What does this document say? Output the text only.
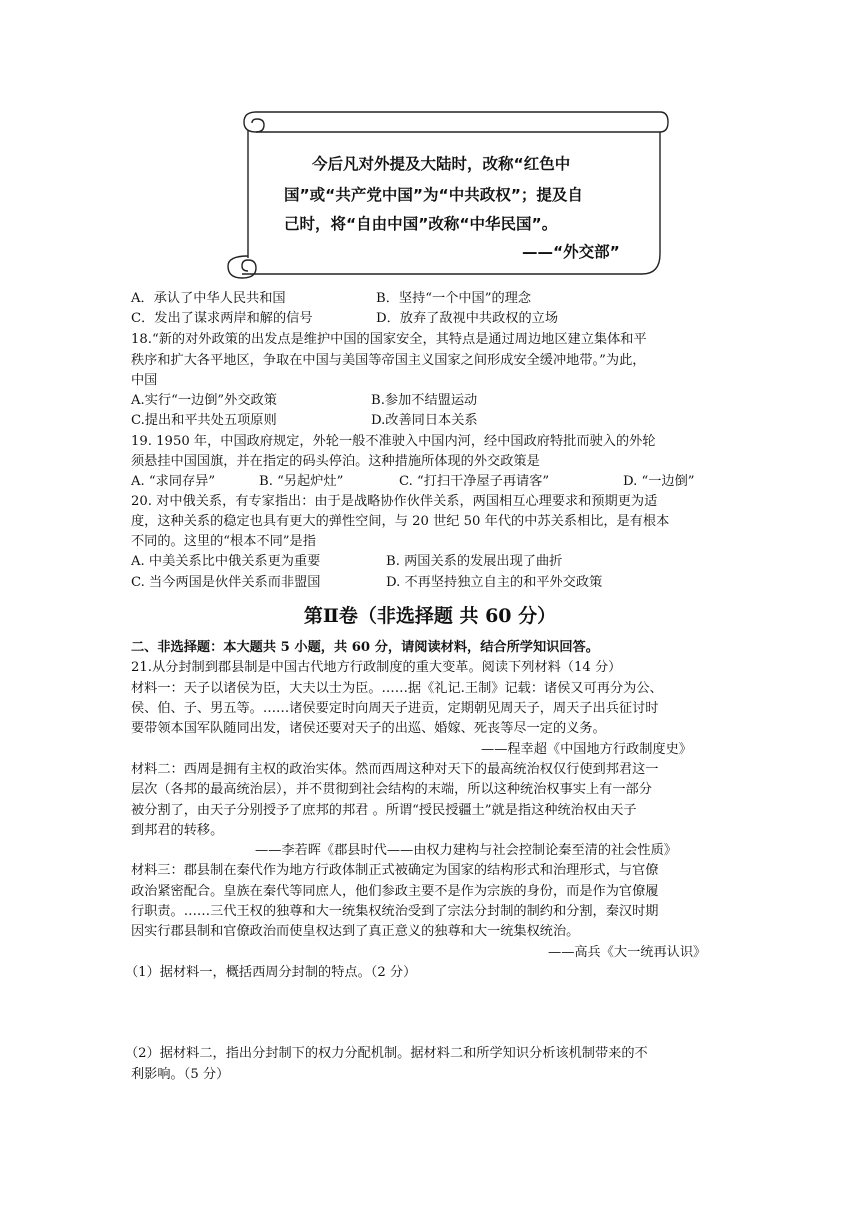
今后凡对外提及大陆时，改称“红色中
国”或“共产党中国”为“中共政权”；提及自
己时，将“自由中国”改称“中华民国”。
——“外交部”
A．承认了中华人民共和国	B．坚持“一个中国”的理念
C．发出了谋求两岸和解的信号	D．放弃了敌视中共政权的立场
18.“新的对外政策的出发点是维护中国的国家安全，其特点是通过周边地区建立集体和平
秩序和扩大各平地区，争取在中国与美国等帝国主义国家之间形成安全缓冲地带。”为此，
中国
A.实行“一边倒”外交政策	B.参加不结盟运动
C.提出和平共处五项原则	D.改善同日本关系
19. 1950 年，中国政府规定，外轮一般不准驶入中国内河，经中国政府特批而驶入的外轮
须悬挂中国国旗，并在指定的码头停泊。这种措施所体现的外交政策是
A. “求同存异”	B. “另起炉灶”	C. “打扫干净屋子再请客”	D. “一边倒”
20. 对中俄关系，有专家指出：由于是战略协作伙伴关系，两国相互心理要求和预期更为适
度，这种关系的稳定也具有更大的弹性空间，与 20 世纪 50 年代的中苏关系相比，是有根本
不同的。这里的“根本不同”是指
A. 中美关系比中俄关系更为重要	B. 两国关系的发展出现了曲折
C. 当今两国是伙伴关系而非盟国	D. 不再坚持独立自主的和平外交政策
第Ⅱ卷（非选择题 共 60 分）
二、非选择题：本大题共 5 小题，共 60 分，请阅读材料，结合所学知识回答。
21.从分封制到郡县制是中国古代地方行政制度的重大变革。阅读下列材料（14 分）
材料一：天子以诸侯为臣，大夫以士为臣。……据《礼记.王制》记载：诸侯又可再分为公、
侯、伯、子、男五等。……诸侯要定时向周天子进贡，定期朝见周天子，周天子出兵征讨时
要带领本国军队随同出发，诸侯还要对天子的出巡、婚嫁、死丧等尽一定的义务。
——程幸超《中国地方行政制度史》
材料二：西周是拥有主权的政治实体。然而西周这种对天下的最高统治权仅行使到邦君这一
层次（各邦的最高统治层），并不贯彻到社会结构的末端，所以这种统治权事实上有一部分
被分割了，由天子分别授予了庶邦的邦君 。所谓“授民授疆土”就是指这种统治权由天子
到邦君的转移。
——李若晖《郡县时代——由权力建构与社会控制论秦至清的社会性质》
材料三：郡县制在秦代作为地方行政体制正式被确定为国家的结构形式和治理形式，与官僚
政治紧密配合。皇族在秦代等同庶人，他们参政主要不是作为宗族的身份，而是作为官僚履
行职责。……三代王权的独尊和大一统集权统治受到了宗法分封制的制约和分割，秦汉时期
因实行郡县制和官僚政治而使皇权达到了真正意义的独尊和大一统集权统治。
——高兵《大一统再认识》
（1）据材料一，概括西周分封制的特点。（2 分）
（2）据材料二，指出分封制下的权力分配机制。据材料二和所学知识分析该机制带来的不
利影响。（5 分）
